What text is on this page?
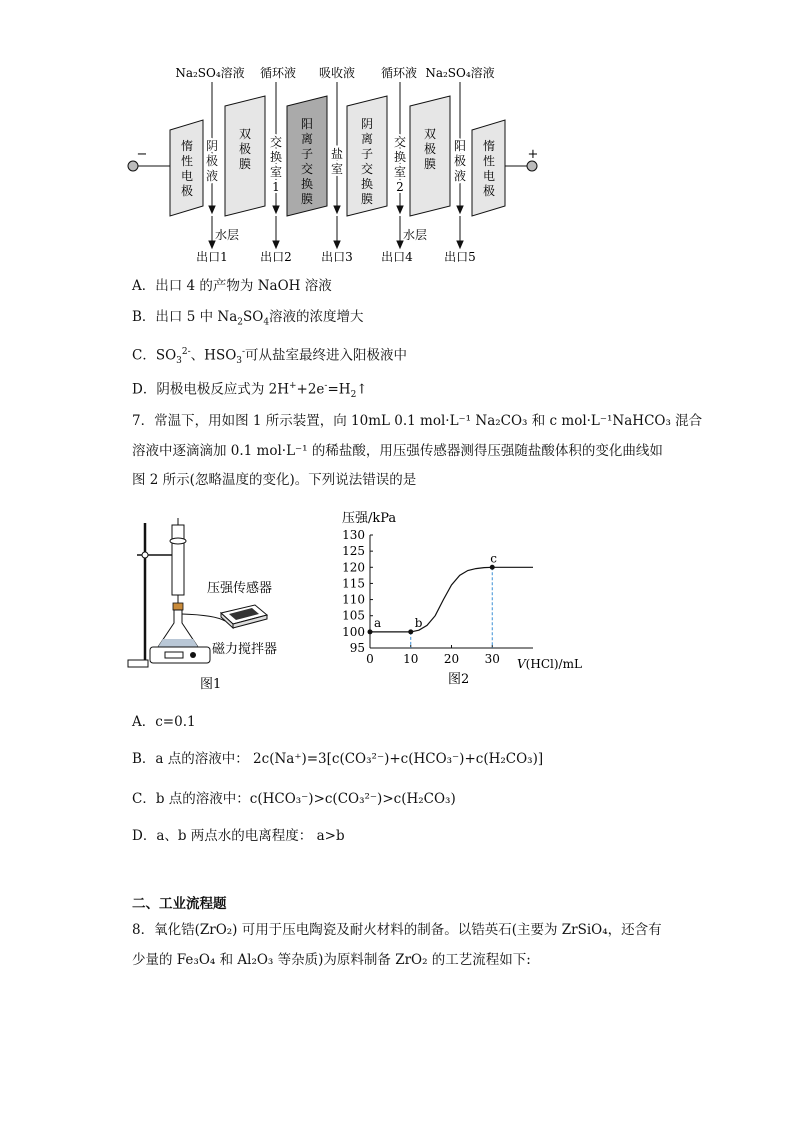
Na₂SO₄溶液 循环液 吸收液 循环液 Na₂SO₄溶液
−	+
惰性电极
阴极液
双极膜
交换室 1
阳离子交换膜
盐室
阴离子交换膜
交换室 2
双极膜
阳极液
惰性电极
水层	水层
出口1	出口2 出口3 出口4	出口5
A．出口 4 的产物为 NaOH 溶液
B．出口 5 中 $Na_2SO_4$溶液的浓度增大
C．$SO_3^{2-}$、$HSO_3^-$可从盐室最终进入阳极液中
D．阴极电极反应式为 $2H^++2e^-=H_2↑$
7．常温下，用如图 1 所示装置，向 10mL 0.1 mol·L⁻¹ Na₂CO₃ 和 c mol·L⁻¹NaHCO₃ 混合
溶液中逐滴滴加 0.1 mol·L⁻¹ 的稀盐酸，用压强传感器测得压强随盐酸体积的变化曲线如
图 2 所示(忽略温度的变化)。下列说法错误的是
压强传感器
磁力搅拌器
图1
压强/kPa
95
100
105
110
115
120
125
130
0 10 20 30
a	b
c
V(HCl)/mL
图2
A．c=0.1
B．a 点的溶液中： 2c(Na⁺)=3[c(CO₃²⁻)+c(HCO₃⁻)+c(H₂CO₃)]
C．b 点的溶液中：c(HCO₃⁻)>c(CO₃²⁻)>c(H₂CO₃)
D．a、b 两点水的电离程度： a>b
二、工业流程题
8．氧化锆(ZrO₂) 可用于压电陶瓷及耐火材料的制备。以锆英石(主要为 ZrSiO₄，还含有
少量的 Fe₃O₄ 和 Al₂O₃ 等杂质)为原料制备 ZrO₂ 的工艺流程如下:
